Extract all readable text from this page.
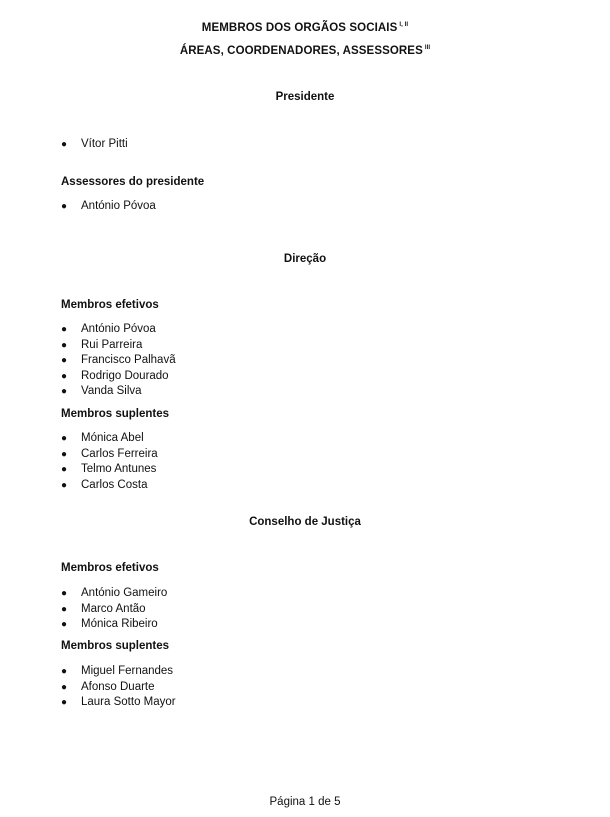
MEMBROS DOS ORGÃOS SOCIAIS $^{I, II}$
ÁREAS, COORDENADORES, ASSESSORES $^{III}$
Presidente
● Vítor Pitti
Assessores do presidente
● António Póvoa
Direção
Membros efetivos
● António Póvoa
● Rui Parreira
● Francisco Palhavã
● Rodrigo Dourado
● Vanda Silva
Membros suplentes
● Mónica Abel
● Carlos Ferreira
● Telmo Antunes
● Carlos Costa
Conselho de Justiça
Membros efetivos
● António Gameiro
● Marco Antão
● Mónica Ribeiro
Membros suplentes
● Miguel Fernandes
● Afonso Duarte
● Laura Sotto Mayor
Página 1 de 5
